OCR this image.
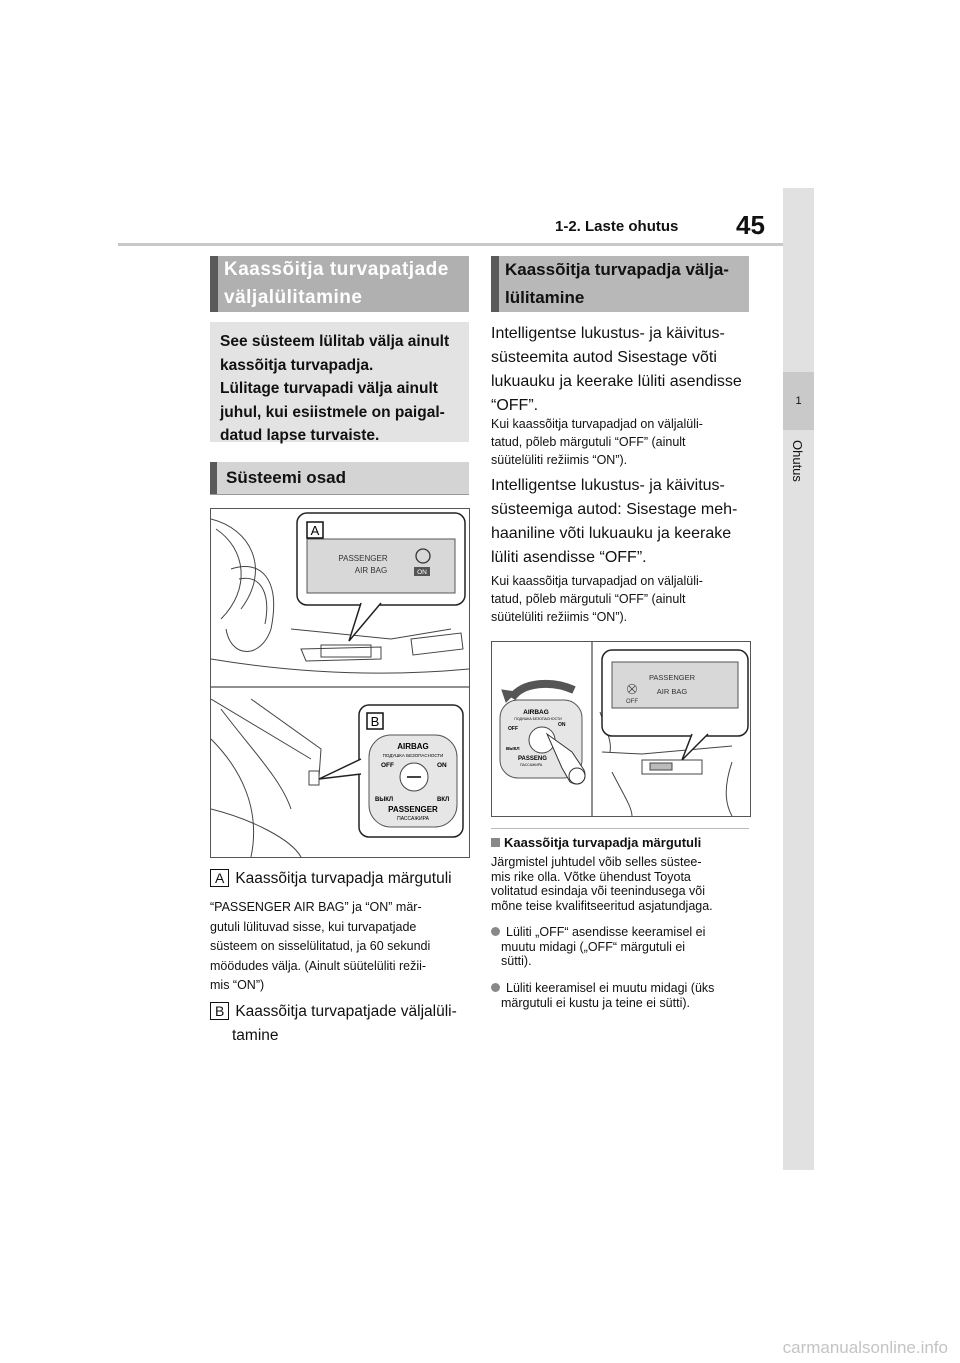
1-2. Laste ohutus 45
1
Ohutus
Kaassõitja turvapatjade
väljalülitamine
See süsteem lülitab välja ainult
kassõitja turvapadja.
Lülitage turvapadi välja ainult
juhul, kui esiistmele on paigal-
datud lapse turvaiste.
Süsteemi osad
A
B
PASSENGER
AIR BAG	ON
AIRBAG
ПОДУШКА БЕЗОПАСНОСТИ
OFF	ON
ВЫКЛ	ВКЛ
PASSENGER
ПАССАЖИРА
A Kaassõitja turvapadja märgutuli
“PASSENGER AIR BAG” ja “ON” mär-
gutuli lülituvad sisse, kui turvapatjade
süsteem on sisselülitatud, ja 60 sekundi
möödudes välja. (Ainult süütelüliti režii-
mis “ON”)
B Kaassõitja turvapatjade väljalüli-
tamine
Kaassõitja turvapadja välja-
lülitamine
Intelligentse lukustus- ja käivitus-
süsteemita autod Sisestage võti
lukuauku ja keerake lüliti asendisse
“OFF”.
Kui kaassõitja turvapadjad on väljalüli-
tatud, põleb märgutuli “OFF” (ainult
süütelüliti režiimis “ON”).
Intelligentse lukustus- ja käivitus-
süsteemiga autod: Sisestage meh-
haaniline võti lukuauku ja keerake
lüliti asendisse “OFF”.
Kui kaassõitja turvapadjad on väljalüli-
tatud, põleb märgutuli “OFF” (ainult
süütelüliti režiimis “ON”).
⛒
OFF
PASSENGER
AIR BAG
AIRBAG
ПОДУШКА БЕЗОПАСНОСТИ
OFF
ON
ВЫКЛ
PASSENG
ПАССАЖИРА
Kaassõitja turvapadja märgutuli
Järgmistel juhtudel võib selles süstee-
mis rike olla. Võtke ühendust Toyota
volitatud esindaja või teenindusega või
mõne teise kvalifitseeritud asjatundjaga.
Lüliti „OFF“ asendisse keeramisel ei
muutu midagi („OFF“ märgutuli ei
sütti).
Lüliti keeramisel ei muutu midagi (üks
märgutuli ei kustu ja teine ei sütti).
carmanualsonline.info
